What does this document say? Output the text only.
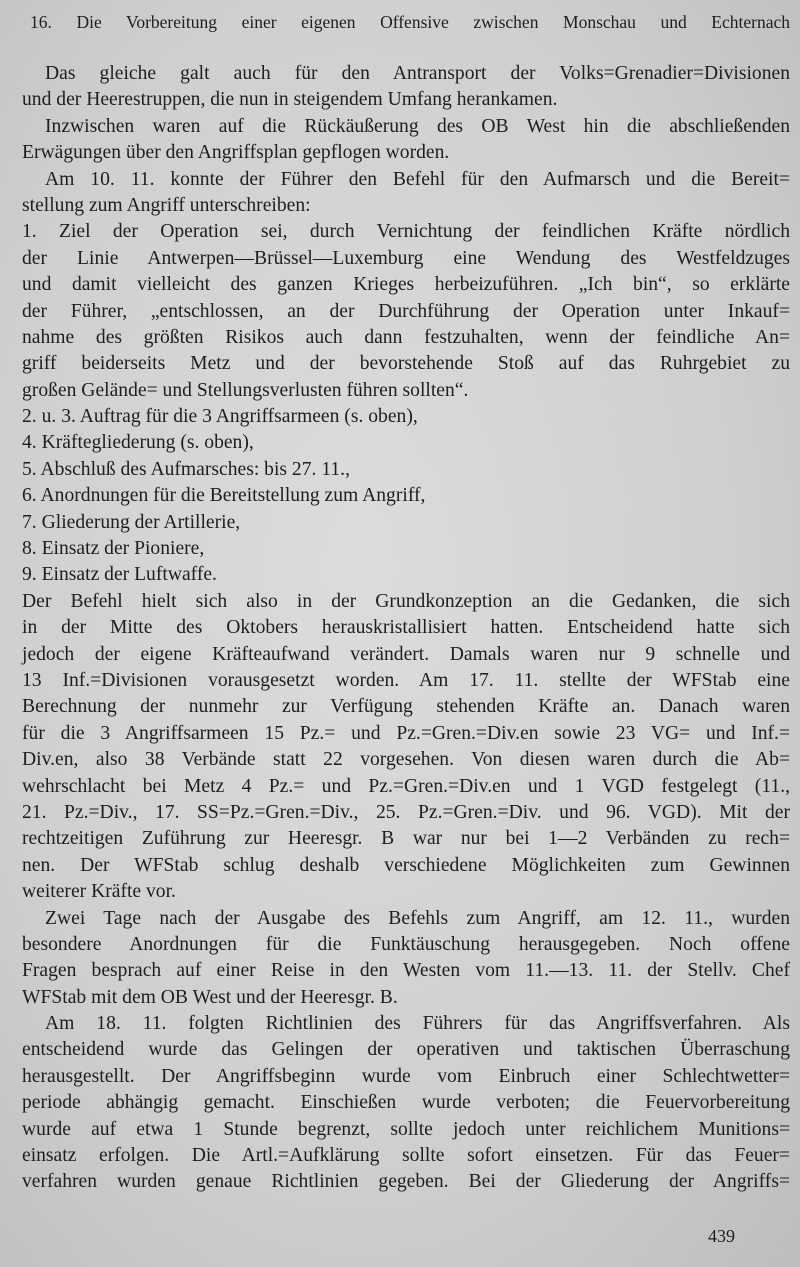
16. Die Vorbereitung einer eigenen Offensive zwischen Monschau und Echternach
Das gleiche galt auch für den Antransport der Volks=Grenadier=Divisionen
und der Heerestruppen, die nun in steigendem Umfang herankamen.
Inzwischen waren auf die Rückäußerung des OB West hin die abschließenden
Erwägungen über den Angriffsplan gepflogen worden.
Am 10. 11. konnte der Führer den Befehl für den Aufmarsch und die Bereit=
stellung zum Angriff unterschreiben:
1. Ziel der Operation sei, durch Vernichtung der feindlichen Kräfte nördlich
der Linie Antwerpen—Brüssel—Luxemburg eine Wendung des Westfeldzuges
und damit vielleicht des ganzen Krieges herbeizuführen. „Ich bin“, so erklärte
der Führer, „entschlossen, an der Durchführung der Operation unter Inkauf=
nahme des größten Risikos auch dann festzuhalten, wenn der feindliche An=
griff beiderseits Metz und der bevorstehende Stoß auf das Ruhrgebiet zu
großen Gelände= und Stellungsverlusten führen sollten“.
2. u. 3. Auftrag für die 3 Angriffsarmeen (s. oben),
4. Kräftegliederung (s. oben),
5. Abschluß des Aufmarsches: bis 27. 11.,
6. Anordnungen für die Bereitstellung zum Angriff,
7. Gliederung der Artillerie,
8. Einsatz der Pioniere,
9. Einsatz der Luftwaffe.
Der Befehl hielt sich also in der Grundkonzeption an die Gedanken, die sich
in der Mitte des Oktobers herauskristallisiert hatten. Entscheidend hatte sich
jedoch der eigene Kräfteaufwand verändert. Damals waren nur 9 schnelle und
13 Inf.=Divisionen vorausgesetzt worden. Am 17. 11. stellte der WFStab eine
Berechnung der nunmehr zur Verfügung stehenden Kräfte an. Danach waren
für die 3 Angriffsarmeen 15 Pz.= und Pz.=Gren.=Div.en sowie 23 VG= und Inf.=
Div.en, also 38 Verbände statt 22 vorgesehen. Von diesen waren durch die Ab=
wehrschlacht bei Metz 4 Pz.= und Pz.=Gren.=Div.en und 1 VGD festgelegt (11.,
21. Pz.=Div., 17. SS=Pz.=Gren.=Div., 25. Pz.=Gren.=Div. und 96. VGD). Mit der
rechtzeitigen Zuführung zur Heeresgr. B war nur bei 1—2 Verbänden zu rech=
nen. Der WFStab schlug deshalb verschiedene Möglichkeiten zum Gewinnen
weiterer Kräfte vor.
Zwei Tage nach der Ausgabe des Befehls zum Angriff, am 12. 11., wurden
besondere Anordnungen für die Funktäuschung herausgegeben. Noch offene
Fragen besprach auf einer Reise in den Westen vom 11.—13. 11. der Stellv. Chef
WFStab mit dem OB West und der Heeresgr. B.
Am 18. 11. folgten Richtlinien des Führers für das Angriffsverfahren. Als
entscheidend wurde das Gelingen der operativen und taktischen Überraschung
herausgestellt. Der Angriffsbeginn wurde vom Einbruch einer Schlechtwetter=
periode abhängig gemacht. Einschießen wurde verboten; die Feuervorbereitung
wurde auf etwa 1 Stunde begrenzt, sollte jedoch unter reichlichem Munitions=
einsatz erfolgen. Die Artl.=Aufklärung sollte sofort einsetzen. Für das Feuer=
verfahren wurden genaue Richtlinien gegeben. Bei der Gliederung der Angriffs=
439
